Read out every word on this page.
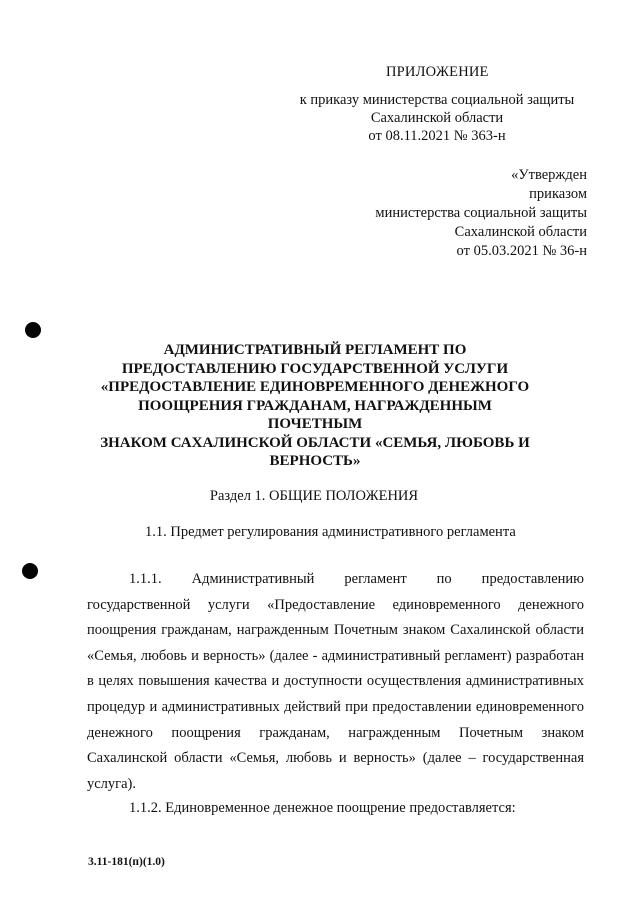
ПРИЛОЖЕНИЕ
к приказу министерства социальной защиты
Сахалинской области
от 08.11.2021 № 363-н
«Утвержден
приказом
министерства социальной защиты
Сахалинской области
от 05.03.2021 № 36-н
АДМИНИСТРАТИВНЫЙ РЕГЛАМЕНТ ПО
ПРЕДОСТАВЛЕНИЮ ГОСУДАРСТВЕННОЙ УСЛУГИ
«ПРЕДОСТАВЛЕНИЕ ЕДИНОВРЕМЕННОГО ДЕНЕЖНОГО
ПООЩРЕНИЯ ГРАЖДАНАМ, НАГРАЖДЕННЫМ ПОЧЕТНЫМ
ЗНАКОМ САХАЛИНСКОЙ ОБЛАСТИ «СЕМЬЯ, ЛЮБОВЬ И
ВЕРНОСТЬ»
Раздел 1. ОБЩИЕ ПОЛОЖЕНИЯ
1.1. Предмет регулирования административного регламента

1.1.1. Административный регламент по предоставлению государственной услуги «Предоставление единовременного денежного поощрения гражданам, награжденным Почетным знаком Сахалинской области «Семья, любовь и верность» (далее - административный регламент) разработан в целях повышения качества и доступности осуществления административных процедур и административных действий при предоставлении единовременного денежного поощрения гражданам, награжденным Почетным знаком Сахалинской области «Семья, любовь и верность» (далее – государственная услуга).

1.1.2. Единовременное денежное поощрение предоставляется:
3.11-181(п)(1.0)
